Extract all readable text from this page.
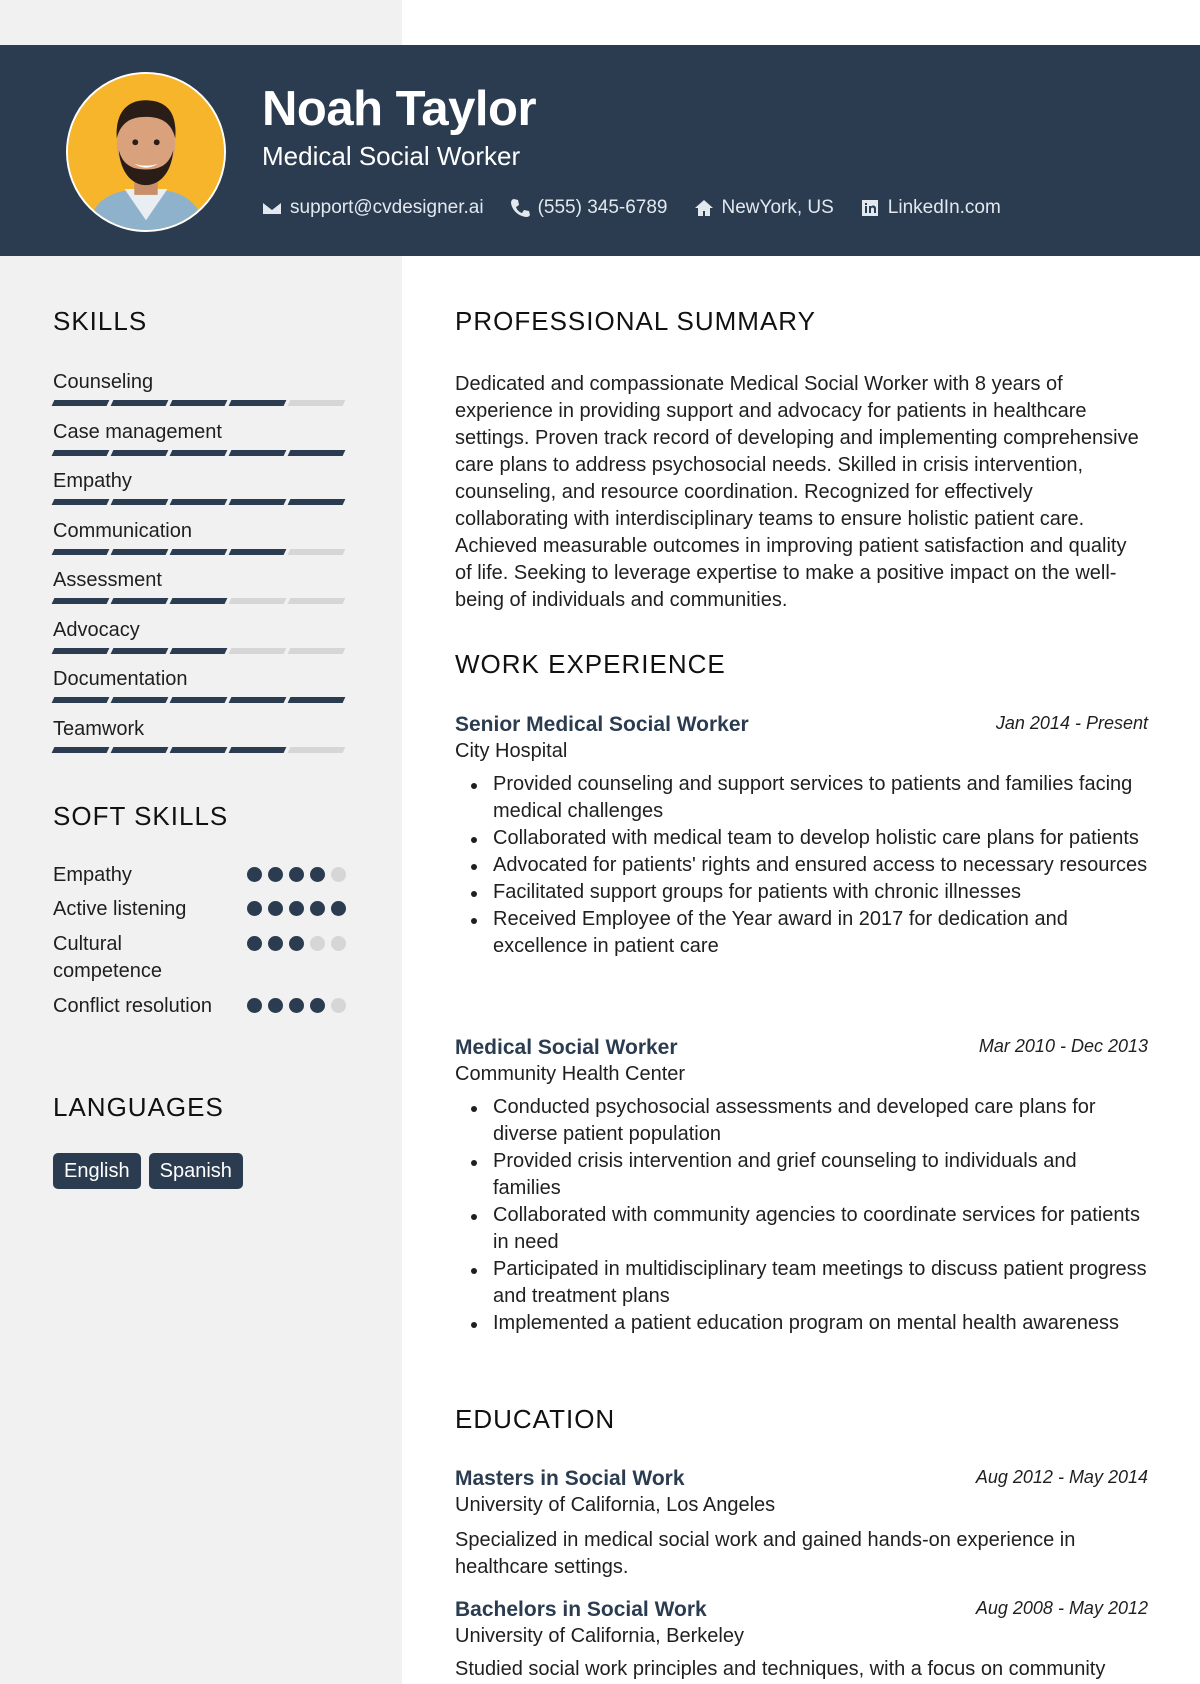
Noah Taylor
Medical Social Worker
support@cvdesigner.ai	(555) 345-6789	NewYork, US	LinkedIn.com
SKILLS
Counseling
Case management
Empathy
Communication
Assessment
Advocacy
Documentation
Teamwork
SOFT SKILLS
Empathy
Active listening
Cultural competence
Conflict resolution
LANGUAGES
English	Spanish
PROFESSIONAL SUMMARY

Dedicated and compassionate Medical Social Worker with 8 years of experience in providing support and advocacy for patients in healthcare settings. Proven track record of developing and implementing comprehensive care plans to address psychosocial needs. Skilled in crisis intervention, counseling, and resource coordination. Recognized for effectively collaborating with interdisciplinary teams to ensure holistic patient care. Achieved measurable outcomes in improving patient satisfaction and quality of life. Seeking to leverage expertise to make a positive impact on the well-being of individuals and communities.

WORK EXPERIENCE
Senior Medical Social Worker	Jan 2014 - Present
City Hospital
Provided counseling and support services to patients and families facing medical challenges
Collaborated with medical team to develop holistic care plans for patients
Advocated for patients' rights and ensured access to necessary resources
Facilitated support groups for patients with chronic illnesses
Received Employee of the Year award in 2017 for dedication and excellence in patient care
Medical Social Worker	Mar 2010 - Dec 2013
Community Health Center
Conducted psychosocial assessments and developed care plans for diverse patient population
Provided crisis intervention and grief counseling to individuals and families
Collaborated with community agencies to coordinate services for patients in need
Participated in multidisciplinary team meetings to discuss patient progress and treatment plans
Implemented a patient education program on mental health awareness
EDUCATION
Masters in Social Work	Aug 2012 - May 2014
University of California, Los Angeles

Specialized in medical social work and gained hands-on experience in healthcare settings.

Bachelors in Social Work	Aug 2008 - May 2012
University of California, Berkeley

Studied social work principles and techniques, with a focus on community
